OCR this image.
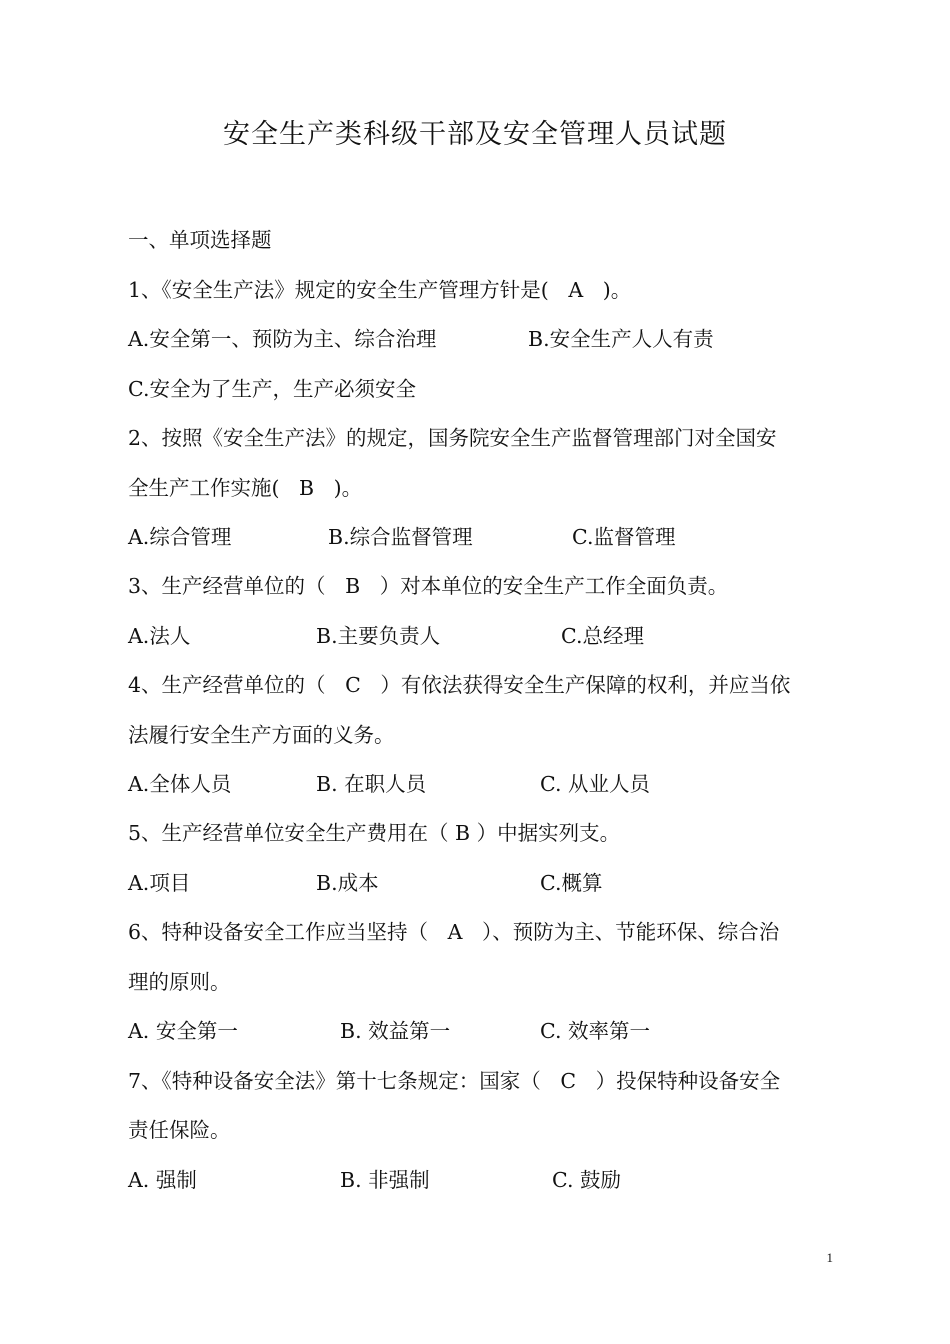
安全生产类科级干部及安全管理人员试题
一、单项选择题
1、《安全生产法》规定的安全生产管理方针是(   A   )。

A.安全第一、预防为主、综合治理

	B.安全生产人人有责

C.安全为了生产，生产必须安全

2、按照《安全生产法》的规定，国务院安全生产监督管理部门对全国安
全生产工作实施(   B   )。

A.综合管理

	B.综合监督管理

	C.监督管理

3、生产经营单位的（   B   ）对本单位的安全生产工作全面负责。

A.法人

	B.主要负责人

	C.总经理

4、生产经营单位的（   C   ）有依法获得安全生产保障的权利，并应当依
法履行安全生产方面的义务。

A.全体人员

	B. 在职人员

	C. 从业人员

5、生产经营单位安全生产费用在（ B ）中据实列支。

A.项目

	B.成本

	C.概算

6、特种设备安全工作应当坚持（   A   ）、预防为主、节能环保、综合治
理的原则。

A. 安全第一

	B. 效益第一

	C. 效率第一

7、《特种设备安全法》第十七条规定：国家（   C   ）投保特种设备安全
责任保险。

A. 强制

	B. 非强制

	C. 鼓励

1
